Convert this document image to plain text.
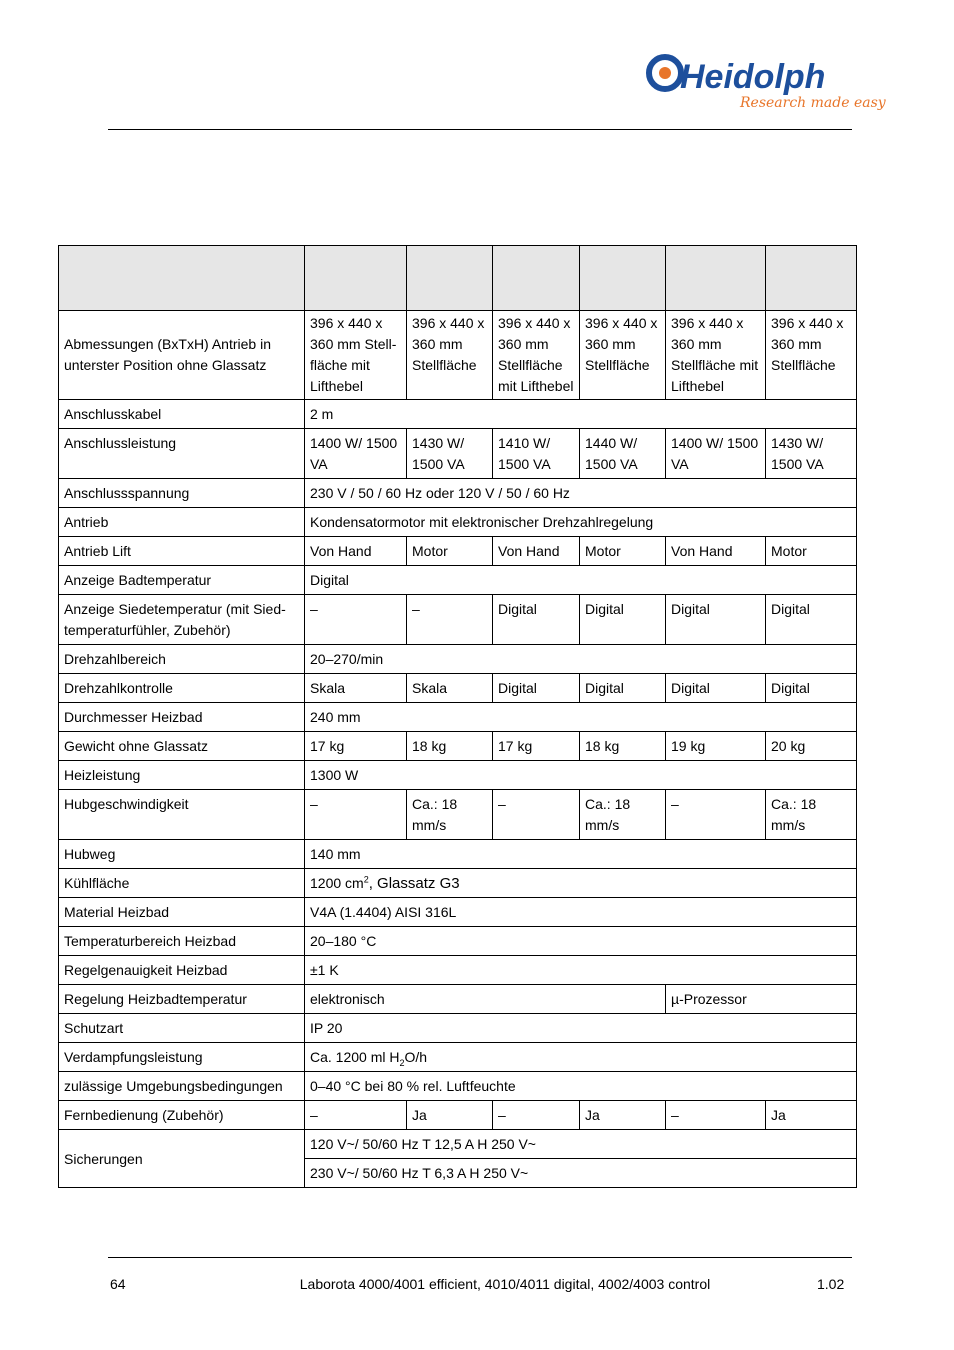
Heidolph
Research made easy

Abmessungen (BxTxH) Antrieb in unterster Position ohne Glassatz	396 x 440 x 360 mm Stell-fläche mit Lifthebel	396 x 440 x 360 mm Stellfläche	396 x 440 x 360 mm Stellfläche mit Lifthebel	396 x 440 x 360 mm Stellfläche	396 x 440 x 360 mm Stellfläche mit Lifthebel	396 x 440 x 360 mm Stellfläche
Anschlusskabel	2 m					
Anschlussleistung	1400 W/ 1500 VA	1430 W/ 1500 VA	1410 W/ 1500 VA	1440 W/ 1500 VA	1400 W/ 1500 VA	1430 W/ 1500 VA
Anschlussspannung	230 V / 50 / 60 Hz oder 120 V / 50 / 60 Hz					
Antrieb	Kondensatormotor mit elektronischer Drehzahlregelung					
Antrieb Lift	Von Hand	Motor	Von Hand	Motor	Von Hand	Motor
Anzeige Badtemperatur	Digital					
Anzeige Siedetemperatur (mit Sied-temperaturfühler, Zubehör)	–	–	Digital	Digital	Digital	Digital
Drehzahlbereich	20–270/min					
Drehzahlkontrolle	Skala	Skala	Digital	Digital	Digital	Digital
Durchmesser Heizbad	240 mm					
Gewicht ohne Glassatz	17 kg	18 kg	17 kg	18 kg	19 kg	20 kg
Heizleistung	1300 W					
Hubgeschwindigkeit	–	Ca.: 18 mm/s	–	Ca.: 18 mm/s	–	Ca.: 18 mm/s
Hubweg	140 mm					
Kühlfläche	1200 $cm^2$, Glassatz G3					
Material Heizbad	V4A (1.4404) AISI 316L					
Temperaturbereich Heizbad	20–180 °C					
Regelgenauigkeit Heizbad	±1 K					
Regelung Heizbadtemperatur	elektronisch				µ-Prozessor	
Schutzart	IP 20					
Verdampfungsleistung	Ca. 1200 ml $H_2O/h$					
zulässige Umgebungsbedingungen	0–40 °C bei 80 % rel. Luftfeuchte					
Fernbedienung (Zubehör)	–	Ja	–	Ja	–	Ja
Sicherungen	120 V~/ 50/60 Hz T 12,5 A H 250 V~					
	230 V~/ 50/60 Hz T 6,3 A H 250 V~					
64	Laborota 4000/4001 efficient, 4010/4011 digital, 4002/4003 control	1.02
